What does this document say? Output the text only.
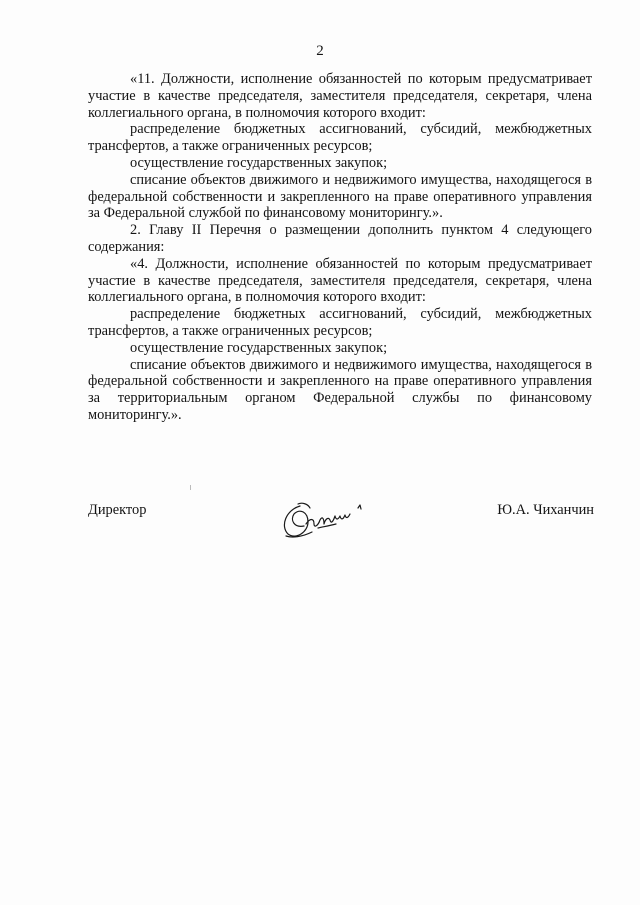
2

«11. Должности, исполнение обязанностей по которым предусматривает участие в качестве председателя, заместителя председателя, секретаря, члена коллегиального органа, в полномочия которого входит:

распределение бюджетных ассигнований, субсидий, межбюджетных трансфертов, а также ограниченных ресурсов;

осуществление государственных закупок;

списание объектов движимого и недвижимого имущества, находящегося в федеральной собственности и закрепленного на праве оперативного управления за Федеральной службой по финансовому мониторингу.».

2. Главу II Перечня о размещении дополнить пунктом 4 следующего содержания:

«4. Должности, исполнение обязанностей по которым предусматривает участие в качестве председателя, заместителя председателя, секретаря, члена коллегиального органа, в полномочия которого входит:

распределение бюджетных ассигнований, субсидий, межбюджетных трансфертов, а также ограниченных ресурсов;

осуществление государственных закупок;

списание объектов движимого и недвижимого имущества, находящегося в федеральной собственности и закрепленного на праве оперативного управления за территориальным органом Федеральной службы по финансовому мониторингу.».

Директор	Ю.А. Чиханчин
